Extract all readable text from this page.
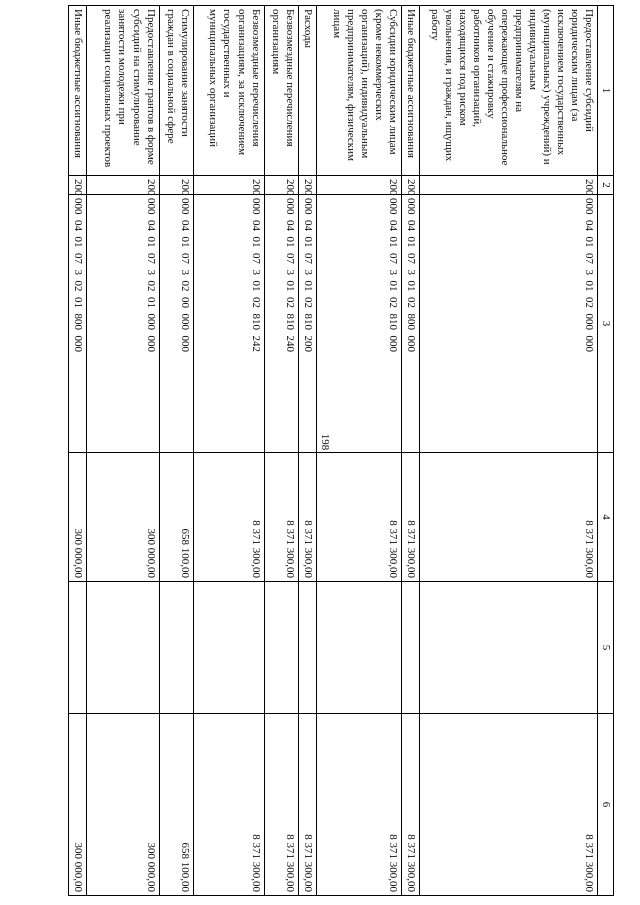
198
1	2	3	4	5	6
Предоставление субсидий юридическим лицам (за исключением государственных (муниципальных) учреждений) и индивидуальным предпринимателям на опережающее профессиональное обучение и стажировку работников организаций, находящихся под риском увольнения, и граждан, ищущих работу	200	000  04  01  07  3  01  02  000  000	8 371 300,00		8 371 300,00
Иные бюджетные ассигнования	200	000  04  01  07  3  01  02  800  000	8 371 300,00		8 371 300,00
Субсидии юридическим лицам (кроме некоммерческих организаций), индивидуальным предпринимателям, физическим лицам	200	000  04  01  07  3  01  02  810  000	8 371 300,00		8 371 300,00
Расходы	200	000  04  01  07  3  01  02  810  200	8 371 300,00		8 371 300,00
Безвозмездные перечисления организациям	200	000  04  01  07  3  01  02  810  240	8 371 300,00		8 371 300,00
Безвозмездные перечисления организациям, за исключением государственных и муниципальных организаций	200	000  04  01  07  3  01  02  810  242	8 371 300,00		8 371 300,00
Стимулирование занятости граждан в социальной сфере	200	000  04  01  07  3  02  00  000  000	658 100,00		658 100,00
Предоставление грантов в форме субсидий на стимулирование занятости молодежи при реализации социальных проектов	200	000  04  01  07  3  02  01  000  000	300 000,00		300 000,00
Иные бюджетные ассигнования	200	000  04  01  07  3  02  01  800  000	300 000,00		300 000,00
